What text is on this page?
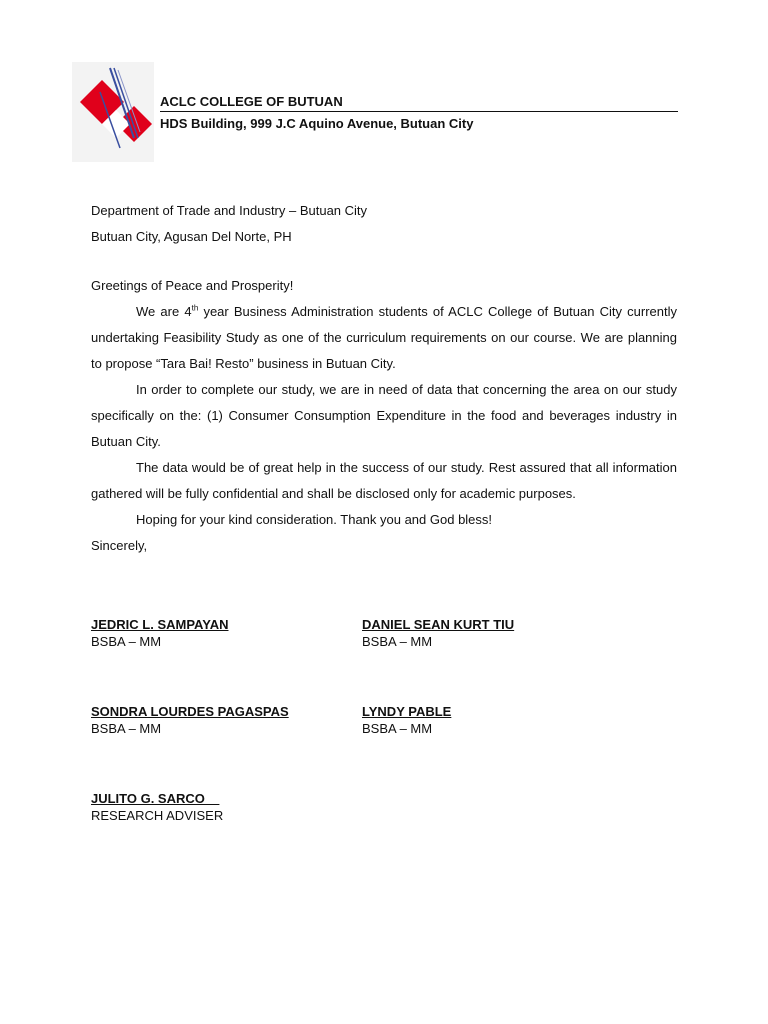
ACLC COLLEGE OF BUTUAN
HDS Building, 999 J.C Aquino Avenue, Butuan City
Department of Trade and Industry – Butuan City
Butuan City, Agusan Del Norte, PH

Greetings of Peace and Prosperity!

We are 4th year Business Administration students of ACLC College of Butuan City currently undertaking Feasibility Study as one of the curriculum requirements on our course. We are planning to propose “Tara Bai! Resto” business in Butuan City.

In order to complete our study, we are in need of data that concerning the area on our study specifically on the: (1) Consumer Consumption Expenditure in the food and beverages industry in Butuan City.

The data would be of great help in the success of our study. Rest assured that all information gathered will be fully confidential and shall be disclosed only for academic purposes.

Hoping for your kind consideration. Thank you and God bless!

Sincerely,

JEDRIC L. SAMPAYAN
BSBA – MM
DANIEL SEAN KURT TIU
BSBA – MM
SONDRA LOURDES PAGASPAS
BSBA – MM
LYNDY PABLE
BSBA – MM
JULITO G. SARCO__
RESEARCH ADVISER
